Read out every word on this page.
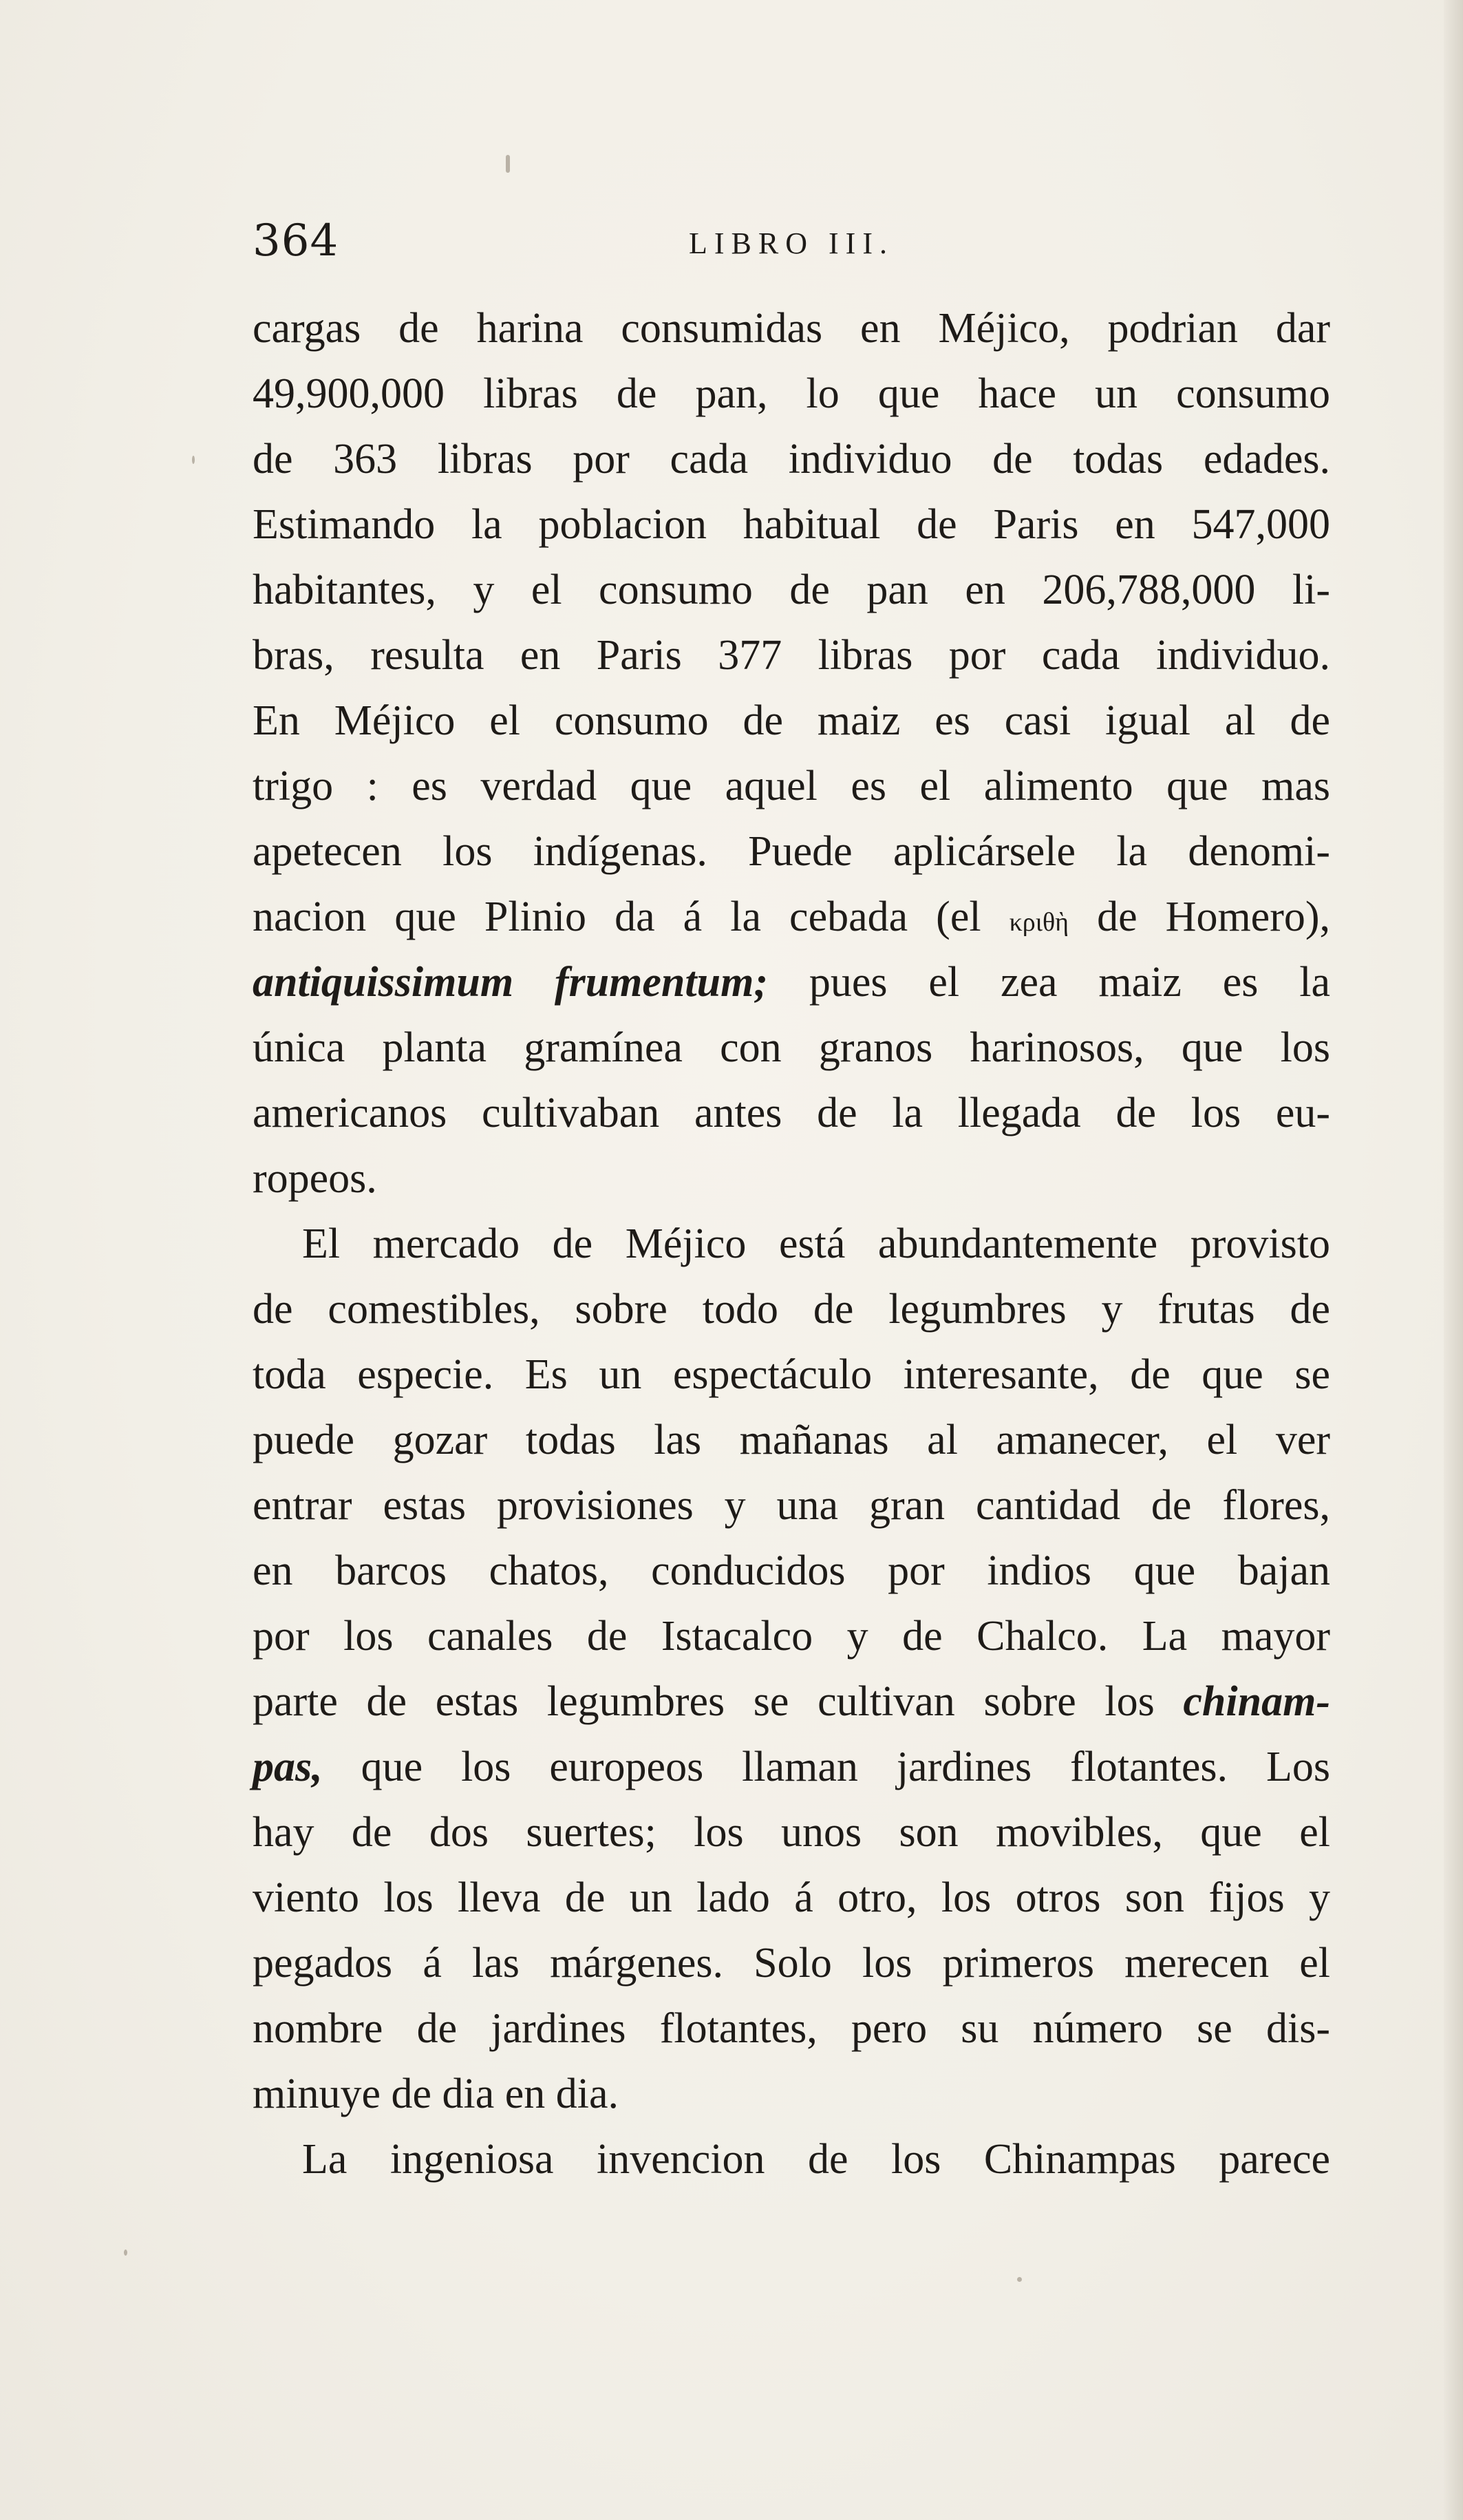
364	LIBRO III.
cargas de harina consumidas en Méjico, podrian dar
49,900,000 libras de pan, lo que hace un consumo
de 363 libras por cada individuo de todas edades.
Estimando la poblacion habitual de Paris en 547,000
habitantes, y el consumo de pan en 206,788,000 li-
bras, resulta en Paris 377 libras por cada individuo.
En Méjico el consumo de maiz es casi igual al de
trigo : es verdad que aquel es el alimento que mas
apetecen los indígenas. Puede aplicársele la denomi-
nacion que Plinio da á la cebada (el κριθὴ de Homero),
antiquissimum frumentum; pues el zea maiz es la
única planta gramínea con granos harinosos, que los
americanos cultivaban antes de la llegada de los eu-
ropeos.
El mercado de Méjico está abundantemente provisto
de comestibles, sobre todo de legumbres y frutas de
toda especie. Es un espectáculo interesante, de que se
puede gozar todas las mañanas al amanecer, el ver
entrar estas provisiones y una gran cantidad de flores,
en barcos chatos, conducidos por indios que bajan
por los canales de Istacalco y de Chalco. La mayor
parte de estas legumbres se cultivan sobre los chinam-
pas, que los europeos llaman jardines flotantes. Los
hay de dos suertes; los unos son movibles, que el
viento los lleva de un lado á otro, los otros son fijos y
pegados á las márgenes. Solo los primeros merecen el
nombre de jardines flotantes, pero su número se dis-
minuye de dia en dia.
La ingeniosa invencion de los Chinampas parece
